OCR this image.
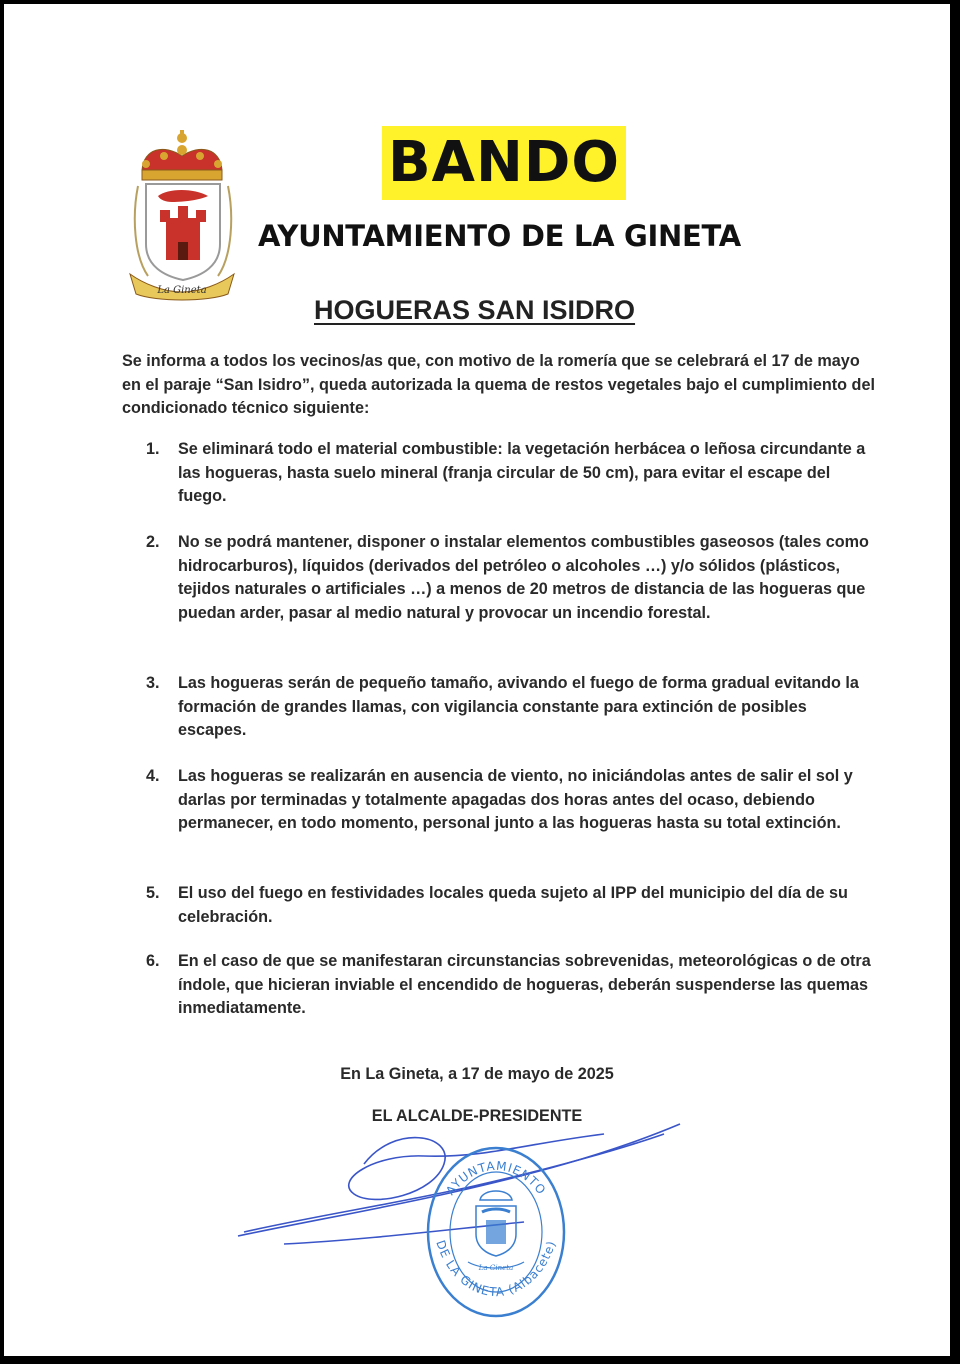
La Gineta
BANDO
AYUNTAMIENTO DE LA GINETA
HOGUERAS SAN ISIDRO
Se informa a todos los vecinos/as que, con motivo de la romería que se celebrará el 17 de mayo en el paraje “San Isidro”, queda autorizada la quema de restos vegetales bajo el cumplimiento del condicionado técnico siguiente:
1.	Se eliminará todo el material combustible: la vegetación herbácea o leñosa circundante a las hogueras, hasta suelo mineral (franja circular de 50 cm), para evitar el escape del fuego.
2.	No se podrá mantener, disponer o instalar elementos combustibles gaseosos (tales como hidrocarburos), líquidos (derivados del petróleo o alcoholes …) y/o sólidos (plásticos, tejidos naturales o artificiales …) a menos de 20 metros de distancia de las hogueras que puedan arder, pasar al medio natural y provocar un incendio forestal.
3.	Las hogueras serán de pequeño tamaño, avivando el fuego de forma gradual evitando la formación de grandes llamas, con vigilancia constante para extinción de posibles escapes.
4.	Las hogueras se realizarán en ausencia de viento, no iniciándolas antes de salir el sol y darlas por terminadas y totalmente apagadas dos horas antes del ocaso, debiendo permanecer, en todo momento, personal junto a las hogueras hasta su total extinción.
5.	El uso del fuego en festividades locales queda sujeto al IPP del municipio del día de su celebración.
6.	En el caso de que se manifestaran circunstancias sobrevenidas, meteorológicas o de otra índole, que hicieran inviable el encendido de hogueras, deberán suspenderse las quemas inmediatamente.
En La Gineta, a 17 de mayo de 2025
EL ALCALDE-PRESIDENTE
AYUNTAMIENTO
DE LA GINETA (Albacete)
La Gineta
